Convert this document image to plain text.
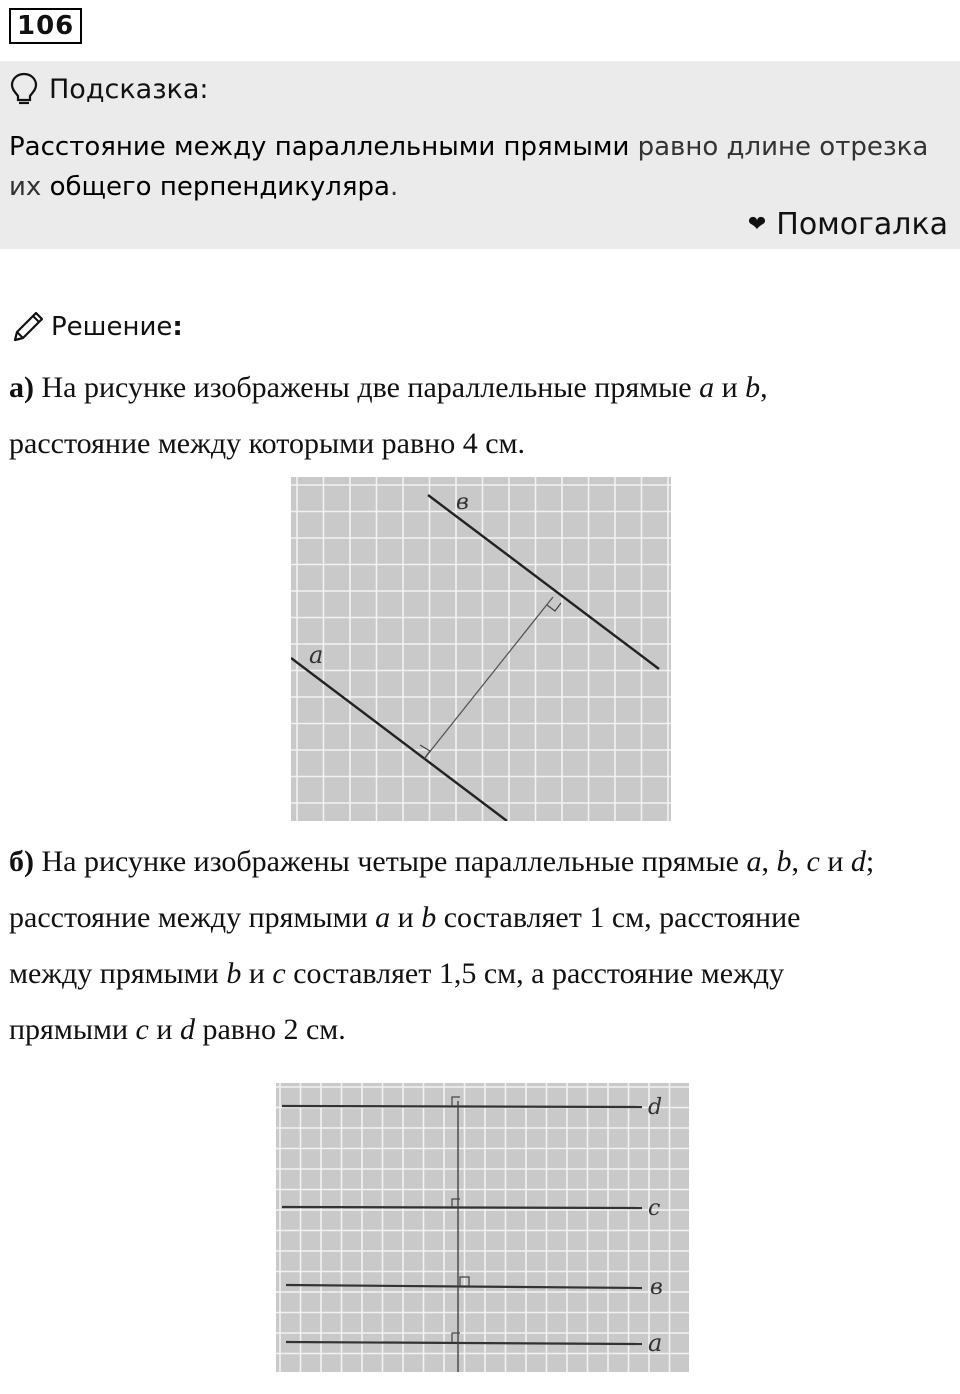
106
Подсказка:
Расстояние между параллельными прямыми равно длине отрезка
их общего перпендикуляра.
❤ Помогалка
Решение :
а) На рисунке изображены две параллельные прямые a и b,
расстояние между которыми равно 4 см.
в
a
б) На рисунке изображены четыре параллельные прямые a, b, c и d;
расстояние между прямыми a и b составляет 1 см, расстояние
между прямыми b и c составляет 1,5 см, а расстояние между
прямыми c и d равно 2 см.
d
c
в
a
